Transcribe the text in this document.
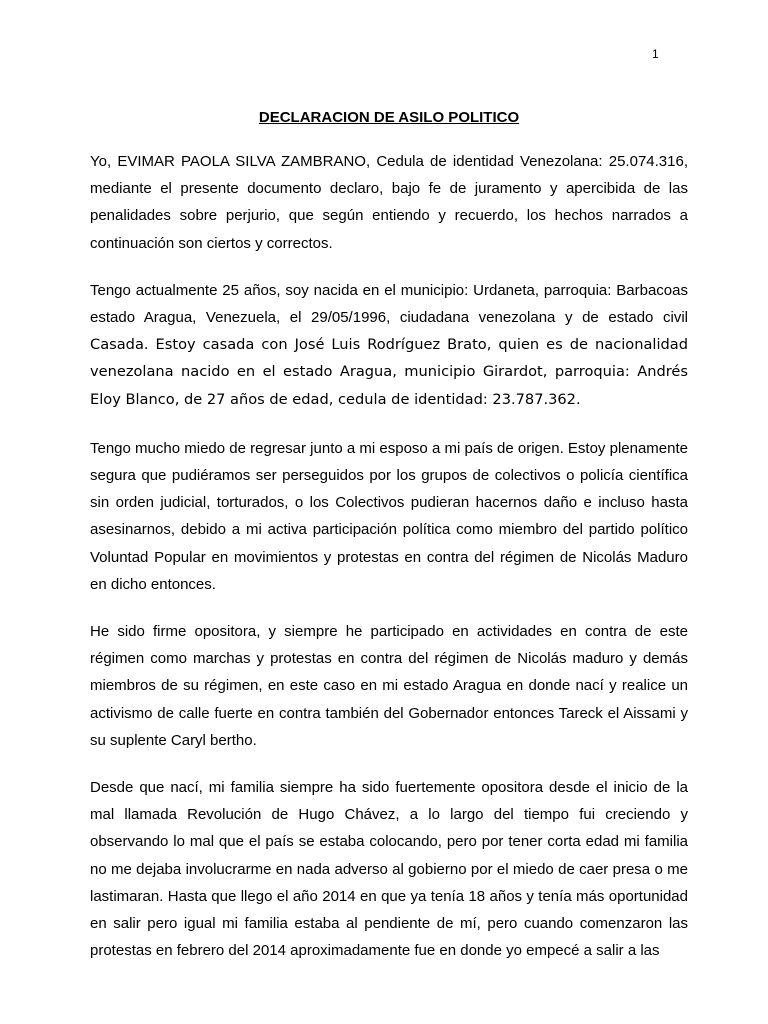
1
DECLARACION DE ASILO POLITICO

Yo, EVIMAR PAOLA SILVA ZAMBRANO, Cedula de identidad Venezolana: 25.074.316, mediante el presente documento declaro, bajo fe de juramento y apercibida de las penalidades sobre perjurio, que según entiendo y recuerdo, los hechos narrados a continuación son ciertos y correctos.

Tengo actualmente 25 años, soy nacida en el municipio: Urdaneta, parroquia: Barbacoas estado Aragua, Venezuela, el 29/05/1996, ciudadana venezolana y de estado civil Casada. Estoy casada con José Luis Rodríguez Brato, quien es de nacionalidad venezolana nacido en el estado Aragua, municipio Girardot, parroquia: Andrés Eloy Blanco, de 27 años de edad, cedula de identidad: 23.787.362.

Tengo mucho miedo de regresar junto a mi esposo a mi país de origen. Estoy plenamente segura que pudiéramos ser perseguidos por los grupos de colectivos o policía científica sin orden judicial, torturados, o los Colectivos pudieran hacernos daño e incluso hasta asesinarnos, debido a mi activa participación política como miembro del partido político Voluntad Popular en movimientos y protestas en contra del régimen de Nicolás Maduro en dicho entonces.

He sido firme opositora, y siempre he participado en actividades en contra de este régimen como marchas y protestas en contra del régimen de Nicolás maduro y demás miembros de su régimen, en este caso en mi estado Aragua en donde nací y realice un activismo de calle fuerte en contra también del Gobernador entonces Tareck el Aissami y su suplente Caryl bertho.

Desde que nací, mi familia siempre ha sido fuertemente opositora desde el inicio de la mal llamada Revolución de Hugo Chávez, a lo largo del tiempo fui creciendo y observando lo mal que el país se estaba colocando, pero por tener corta edad mi familia no me dejaba involucrarme en nada adverso al gobierno por el miedo de caer presa o me lastimaran. Hasta que llego el año 2014 en que ya tenía 18 años y tenía más oportunidad en salir pero igual mi familia estaba al pendiente de mí, pero cuando comenzaron las protestas en febrero del 2014 aproximadamente fue en donde yo empecé a salir a las
